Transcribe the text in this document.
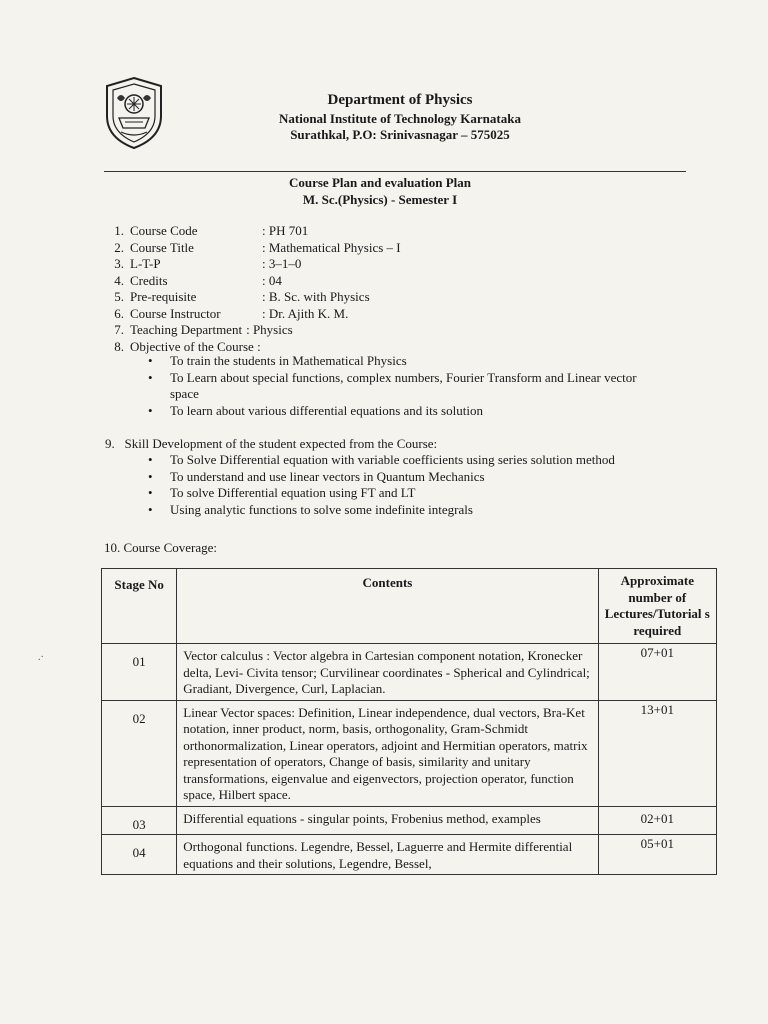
Department of Physics
National Institute of Technology Karnataka
Surathkal, P.O: Srinivasnagar – 575025
Course Plan and evaluation Plan
M. Sc.(Physics) - Semester I
1. Course Code	: PH 701
2. Course Title	: Mathematical Physics – I
3. L-T-P	: 3–1–0
4. Credits	: 04
5. Pre-requisite	: B. Sc. with Physics
6. Course Instructor	: Dr. Ajith K. M.
7. Teaching Department : Physics
8. Objective of the Course :
• To train the students in Mathematical Physics
• To Learn about special functions, complex numbers, Fourier Transform and Linear vector space
• To learn about various differential equations and its solution
9.   Skill Development of the student expected from the Course:
• To Solve Differential equation with variable coefficients using series solution method
• To understand and use linear vectors in Quantum Mechanics
• To solve Differential equation using FT and LT
• Using analytic functions to solve some indefinite integrals
10. Course Coverage:
Stage No	Contents	Approximate number of Lectures/Tutorial s required
01	Vector calculus : Vector algebra in Cartesian component notation, Kronecker delta, Levi- Civita tensor; Curvilinear coordinates - Spherical and Cylindrical; Gradiant, Divergence, Curl, Laplacian.	07+01
02	Linear Vector spaces: Definition, Linear independence, dual vectors, Bra-Ket notation, inner product, norm, basis, orthogonality, Gram-Schmidt orthonormalization, Linear operators, adjoint and Hermitian operators, matrix representation of operators, Change of basis, similarity and unitary transformations, eigenvalue and eigenvectors, projection operator, function space, Hilbert space.	13+01
03	Differential equations - singular points, Frobenius method, examples	02+01
04	Orthogonal functions. Legendre, Bessel, Laguerre and Hermite differential equations and their solutions, Legendre, Bessel,	05+01
.·
